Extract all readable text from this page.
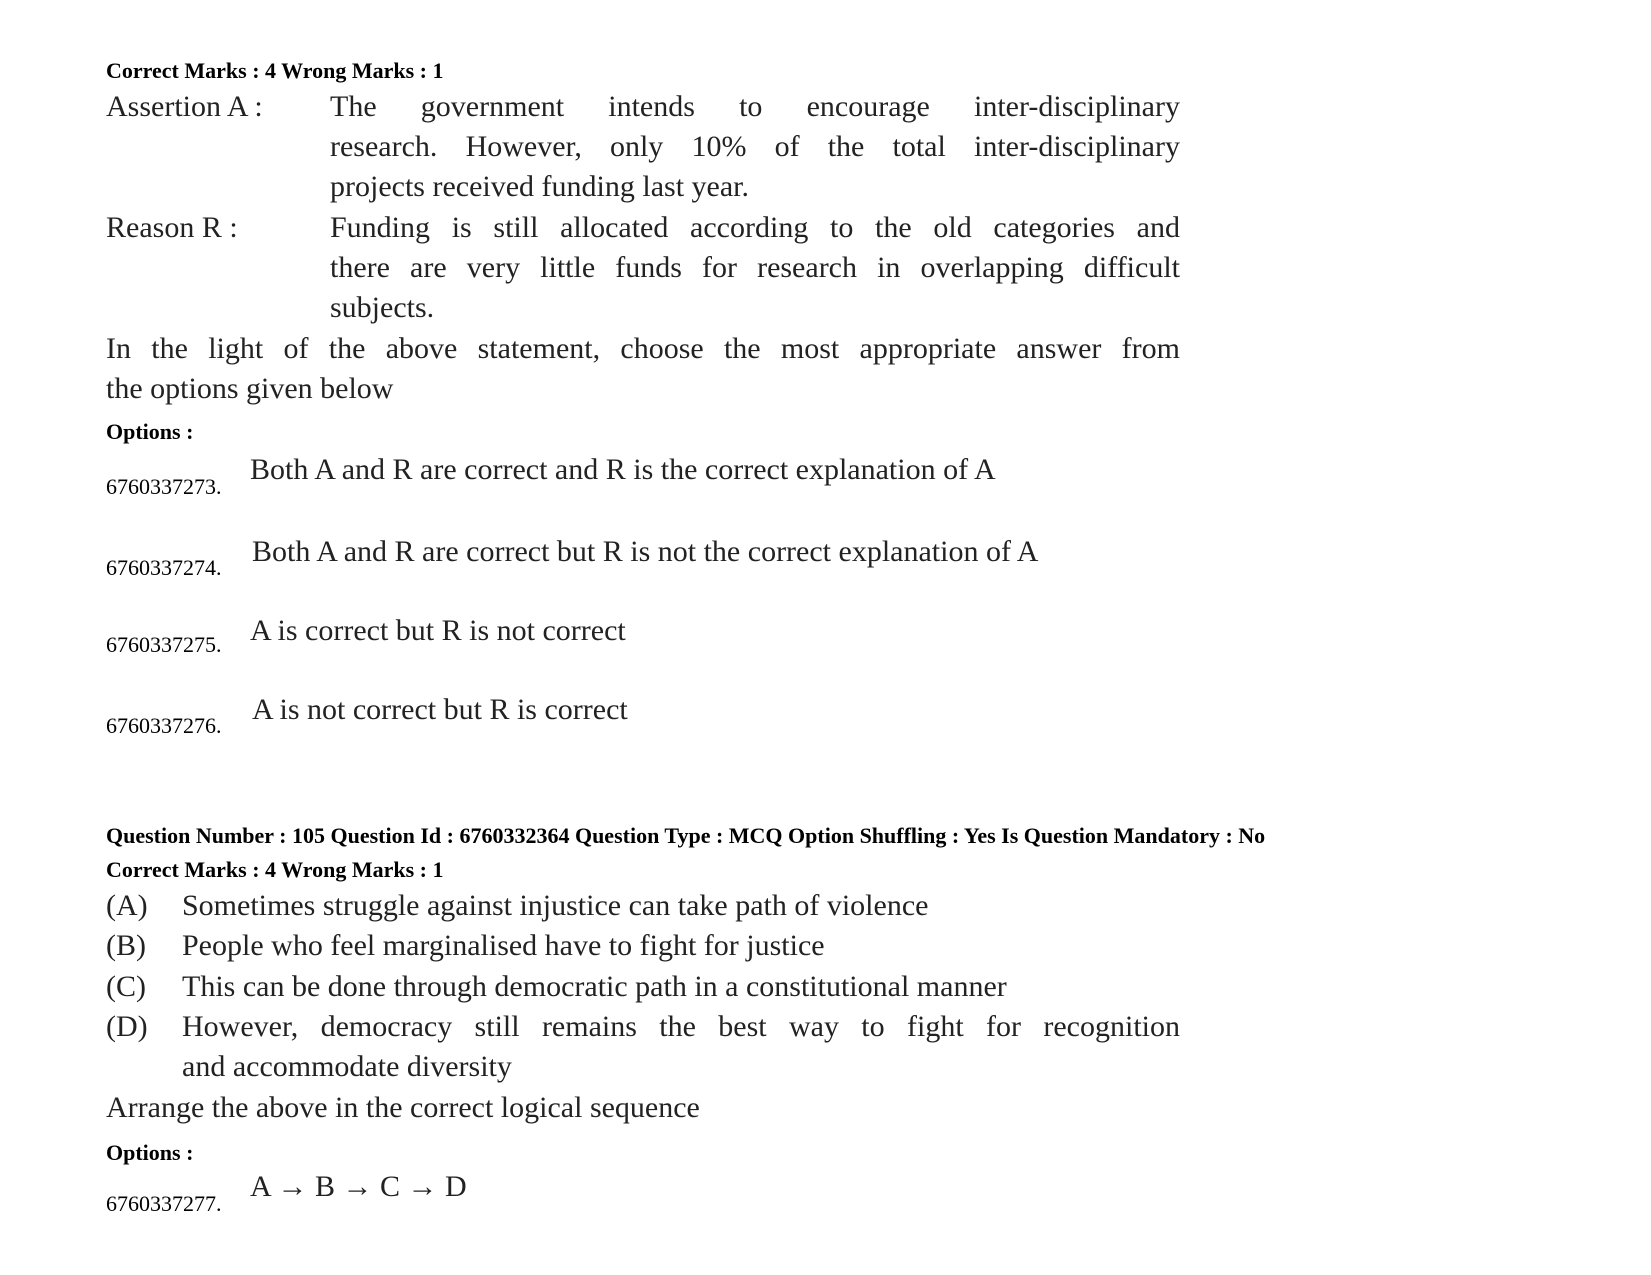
Correct Marks : 4 Wrong Marks : 1
Assertion A : The government intends to encourage inter-disciplinary
research. However, only 10% of the total inter-disciplinary
projects received funding last year.
Reason R :	Funding is still allocated according to the old categories and
there are very little funds for research in overlapping difficult
subjects.
In the light of the above statement, choose the most appropriate answer from
the options given below
Options :
6760337273.
Both A and R are correct and R is the correct explanation of A
6760337274. Both A and R are correct but R is not the correct explanation of A
6760337275. A is correct but R is not correct
6760337276. A is not correct but R is correct
Question Number : 105 Question Id : 6760332364 Question Type : MCQ Option Shuffling : Yes Is Question Mandatory : No
Correct Marks : 4 Wrong Marks : 1
(A) Sometimes struggle against injustice can take path of violence
(B) People who feel marginalised have to fight for justice
(C) This can be done through democratic path in a constitutional manner
(D) However, democracy still remains the best way to fight for recognition
and accommodate diversity
Arrange the above in the correct logical sequence
Options :
6760337277.
A → B → C → D
